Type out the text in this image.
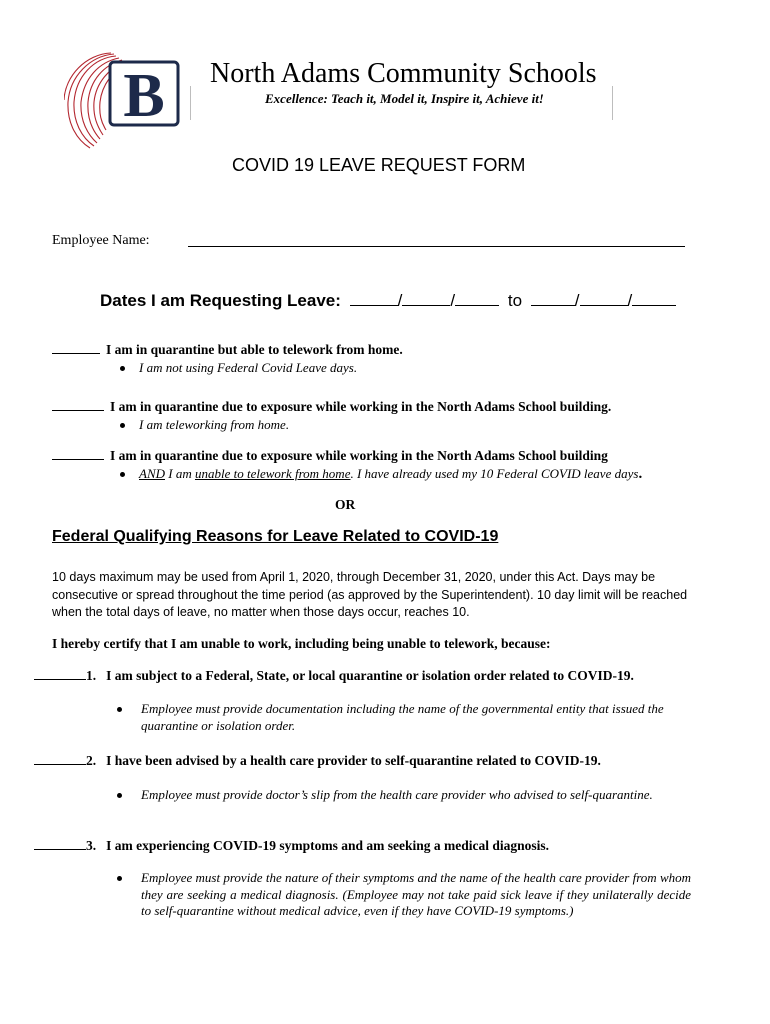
B North Adams Community Schools
Excellence: Teach it, Model it, Inspire it, Achieve it!
COVID 19 LEAVE REQUEST FORM
Employee Name:
Dates I am Requesting Leave:	/	/	to	/	/
I am in quarantine but able to telework from home.
I am not using Federal Covid Leave days.
I am in quarantine due to exposure while working in the North Adams School building.
I am teleworking from home.
I am in quarantine due to exposure while working in the North Adams School building
AND I am unable to telework from home. I have already used my 10 Federal COVID leave days.
OR
Federal Qualifying Reasons for Leave Related to COVID-19
10 days maximum may be used from April 1, 2020, through December 31, 2020, under this Act. Days may be consecutive or spread throughout the time period (as approved by the Superintendent). 10 day limit will be reached when the total days of leave, no matter when those days occur, reaches 10.
I hereby certify that I am unable to work, including being unable to telework, because:
1. I am subject to a Federal, State, or local quarantine or isolation order related to COVID-19.
Employee must provide documentation including the name of the governmental entity that issued the quarantine or isolation order.
2. I have been advised by a health care provider to self-quarantine related to COVID-19.
Employee must provide doctor’s slip from the health care provider who advised to self-quarantine.
3. I am experiencing COVID-19 symptoms and am seeking a medical diagnosis.
Employee must provide the nature of their symptoms and the name of the health care provider from whom they are seeking a medical diagnosis. (Employee may not take paid sick leave if they unilaterally decide to self-quarantine without medical advice, even if they have COVID-19 symptoms.)
